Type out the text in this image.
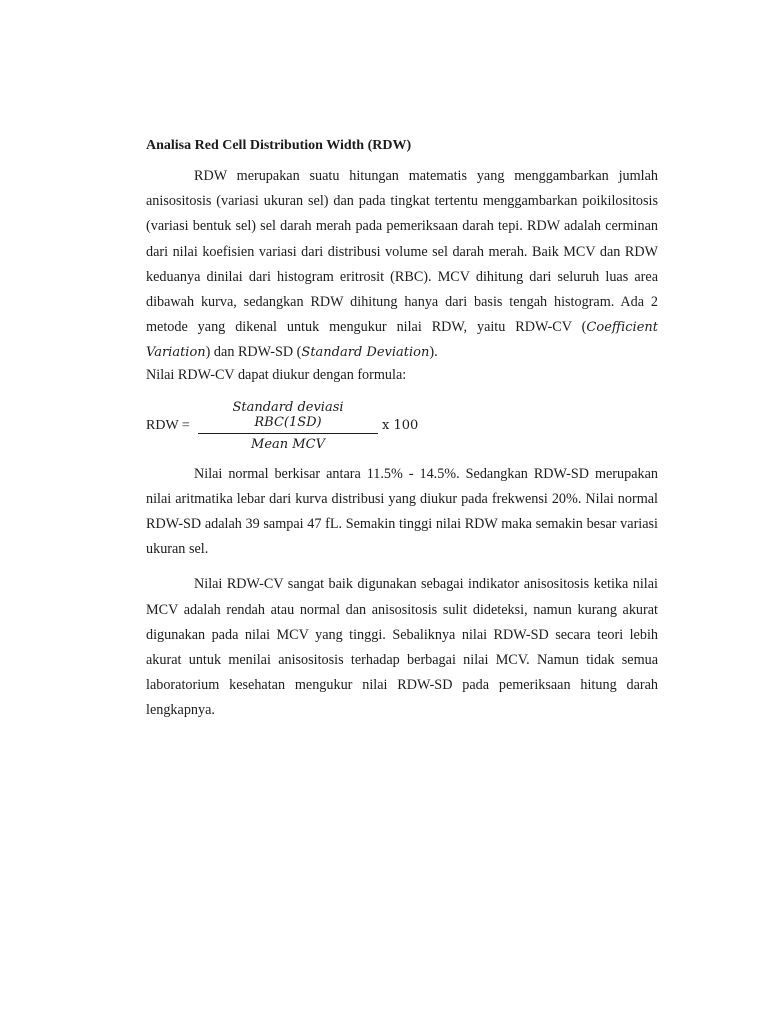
Analisa Red Cell Distribution Width (RDW)

RDW merupakan suatu hitungan matematis yang menggambarkan jumlah anisositosis (variasi ukuran sel) dan pada tingkat tertentu menggambarkan poikilositosis (variasi bentuk sel) sel darah merah pada pemeriksaan darah tepi. RDW adalah cerminan dari nilai koefisien variasi dari distribusi volume sel darah merah. Baik MCV dan RDW keduanya dinilai dari histogram eritrosit (RBC). MCV dihitung dari seluruh luas area dibawah kurva, sedangkan RDW dihitung hanya dari basis tengah histogram. Ada 2 metode yang dikenal untuk mengukur nilai RDW, yaitu RDW-CV (Coefficient Variation) dan RDW-SD (Standard Deviation).

Nilai RDW-CV dapat diukur dengan formula:

RDW =
Standard deviasi RBC(1SD)
Mean MCV
x 100

Nilai normal berkisar antara 11.5% - 14.5%. Sedangkan RDW-SD merupakan nilai aritmatika lebar dari kurva distribusi yang diukur pada frekwensi 20%. Nilai normal RDW-SD adalah 39 sampai 47 fL. Semakin tinggi nilai RDW maka semakin besar variasi ukuran sel.

Nilai RDW-CV sangat baik digunakan sebagai indikator anisositosis ketika nilai MCV adalah rendah atau normal dan anisositosis sulit dideteksi, namun kurang akurat digunakan pada nilai MCV yang tinggi. Sebaliknya nilai RDW-SD secara teori lebih akurat untuk menilai anisositosis terhadap berbagai nilai MCV. Namun tidak semua laboratorium kesehatan mengukur nilai RDW-SD pada pemeriksaan hitung darah lengkapnya.
